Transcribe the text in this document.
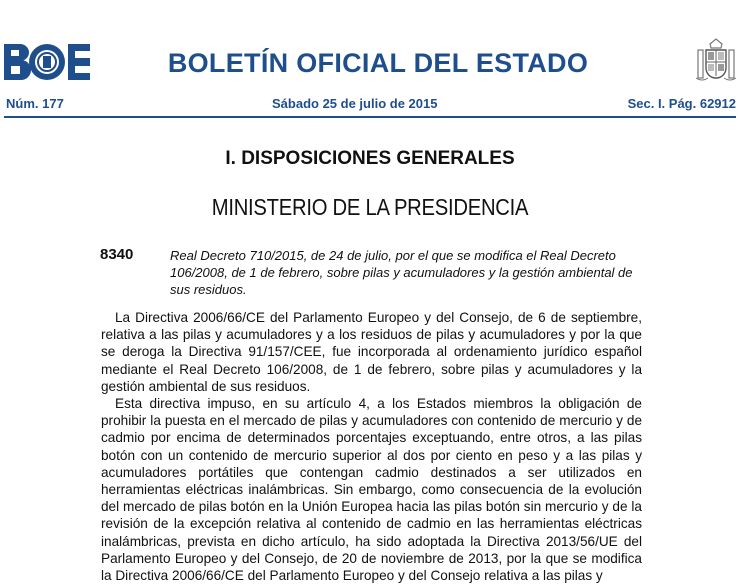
BOLETÍN OFICIAL DEL ESTADO
Núm. 177	Sábado 25 de julio de 2015	Sec. I. Pág. 62912
I. DISPOSICIONES GENERALES
MINISTERIO DE LA PRESIDENCIA
8340	Real Decreto 710/2015, de 24 de julio, por el que se modifica el Real Decreto 106/2008, de 1 de febrero, sobre pilas y acumuladores y la gestión ambiental de sus residuos.

La Directiva 2006/66/CE del Parlamento Europeo y del Consejo, de 6 de septiembre, relativa a las pilas y acumuladores y a los residuos de pilas y acumuladores y por la que se deroga la Directiva 91/157/CEE, fue incorporada al ordenamiento jurídico español mediante el Real Decreto 106/2008, de 1 de febrero, sobre pilas y acumuladores y la gestión ambiental de sus residuos.

Esta directiva impuso, en su artículo 4, a los Estados miembros la obligación de prohibir la puesta en el mercado de pilas y acumuladores con contenido de mercurio y de cadmio por encima de determinados porcentajes exceptuando, entre otros, a las pilas botón con un contenido de mercurio superior al dos por ciento en peso y a las pilas y acumuladores portátiles que contengan cadmio destinados a ser utilizados en herramientas eléctricas inalámbricas. Sin embargo, como consecuencia de la evolución del mercado de pilas botón en la Unión Europea hacia las pilas botón sin mercurio y de la revisión de la excepción relativa al contenido de cadmio en las herramientas eléctricas inalámbricas, prevista en dicho artículo, ha sido adoptada la Directiva 2013/56/UE del Parlamento Europeo y del Consejo, de 20 de noviembre de 2013, por la que se modifica la Directiva 2006/66/CE del Parlamento Europeo y del Consejo relativa a las pilas y
